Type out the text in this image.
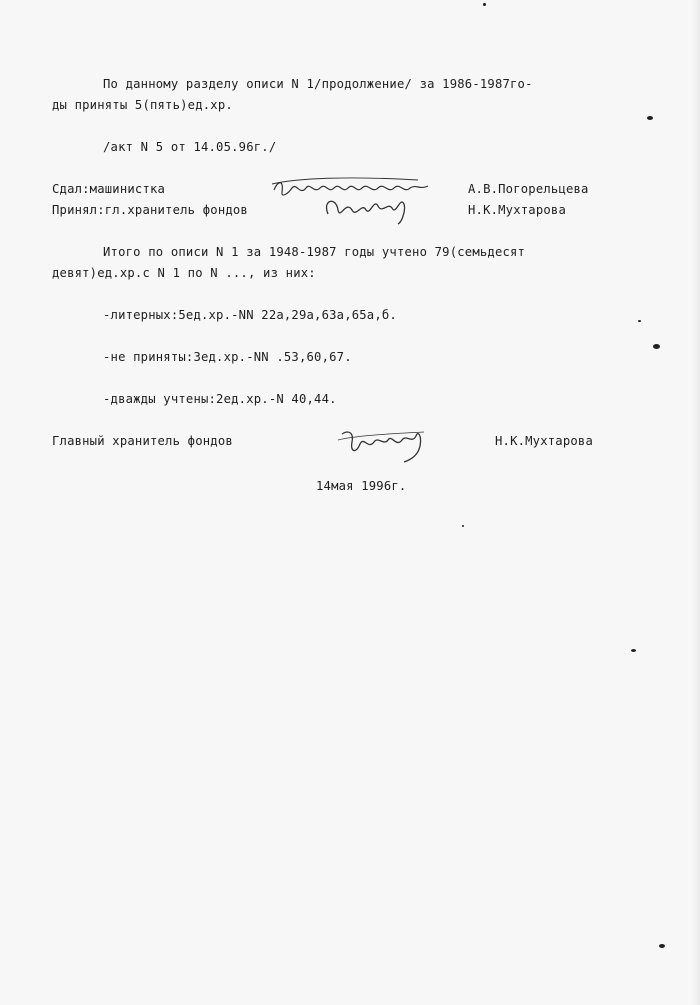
По данному разделу описи N 1/продолжение/ за 1986-1987го-
ды приняты 5(пять)ед.хр.
/акт N 5 от 14.05.96г./
Сдал:машинистка	А.В.Погорельцева
Принял:гл.хранитель фондов	Н.К.Мухтарова
Итого по описи N 1 за 1948-1987 годы учтено 79(семьдесят
девят)ед.хр.с N 1 по N ..., из них:
-литерных:5ед.хр.-NN 22а,29а,63а,65а,б.
-не приняты:3ед.хр.-NN .53,60,67.
-дважды учтены:2ед.хр.-N 40,44.
Главный хранитель фондов	Н.К.Мухтарова
14мая 1996г.
